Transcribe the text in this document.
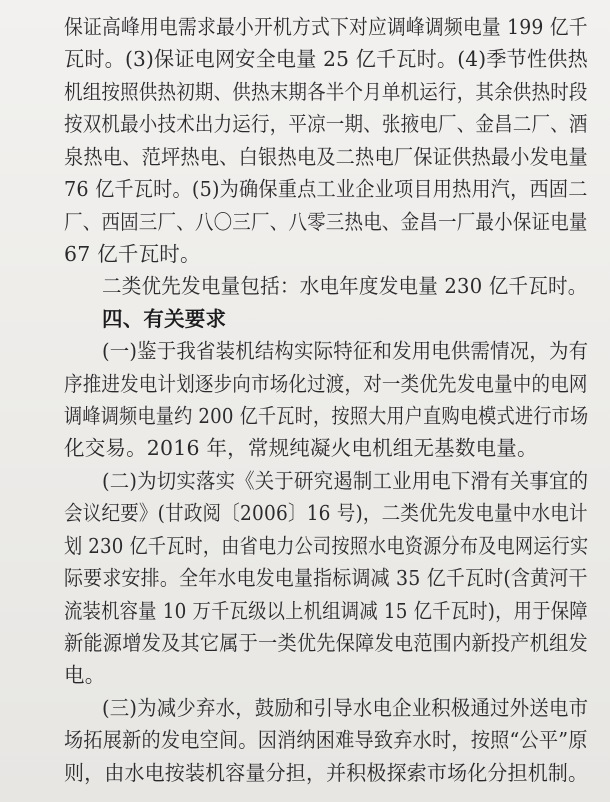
保证高峰用电需求最小开机方式下对应调峰调频电量 199 亿千
瓦时。(3)保证电网安全电量 25 亿千瓦时。(4)季节性供热
机组按照供热初期、供热末期各半个月单机运行，其余供热时段
按双机最小技术出力运行，平凉一期、张掖电厂、金昌二厂、酒
泉热电、范坪热电、白银热电及二热电厂保证供热最小发电量
76 亿千瓦时。(5)为确保重点工业企业项目用热用汽，西固二
厂、西固三厂、八〇三厂、八零三热电、金昌一厂最小保证电量
67 亿千瓦时。
二类优先发电量包括：水电年度发电量 230 亿千瓦时。
四、有关要求
(一)鉴于我省装机结构实际特征和发用电供需情况，为有
序推进发电计划逐步向市场化过渡，对一类优先发电量中的电网
调峰调频电量约 200 亿千瓦时，按照大用户直购电模式进行市场
化交易。2016 年，常规纯凝火电机组无基数电量。
(二)为切实落实《关于研究遏制工业用电下滑有关事宜的
会议纪要》(甘政阅〔2006〕16 号)，二类优先发电量中水电计
划 230 亿千瓦时，由省电力公司按照水电资源分布及电网运行实
际要求安排。全年水电发电量指标调减 35 亿千瓦时(含黄河干
流装机容量 10 万千瓦级以上机组调减 15 亿千瓦时)，用于保障
新能源增发及其它属于一类优先保障发电范围内新投产机组发
电。
(三)为减少弃水，鼓励和引导水电企业积极通过外送电市
场拓展新的发电空间。因消纳困难导致弃水时，按照“公平”原
则，由水电按装机容量分担，并积极探索市场化分担机制。
